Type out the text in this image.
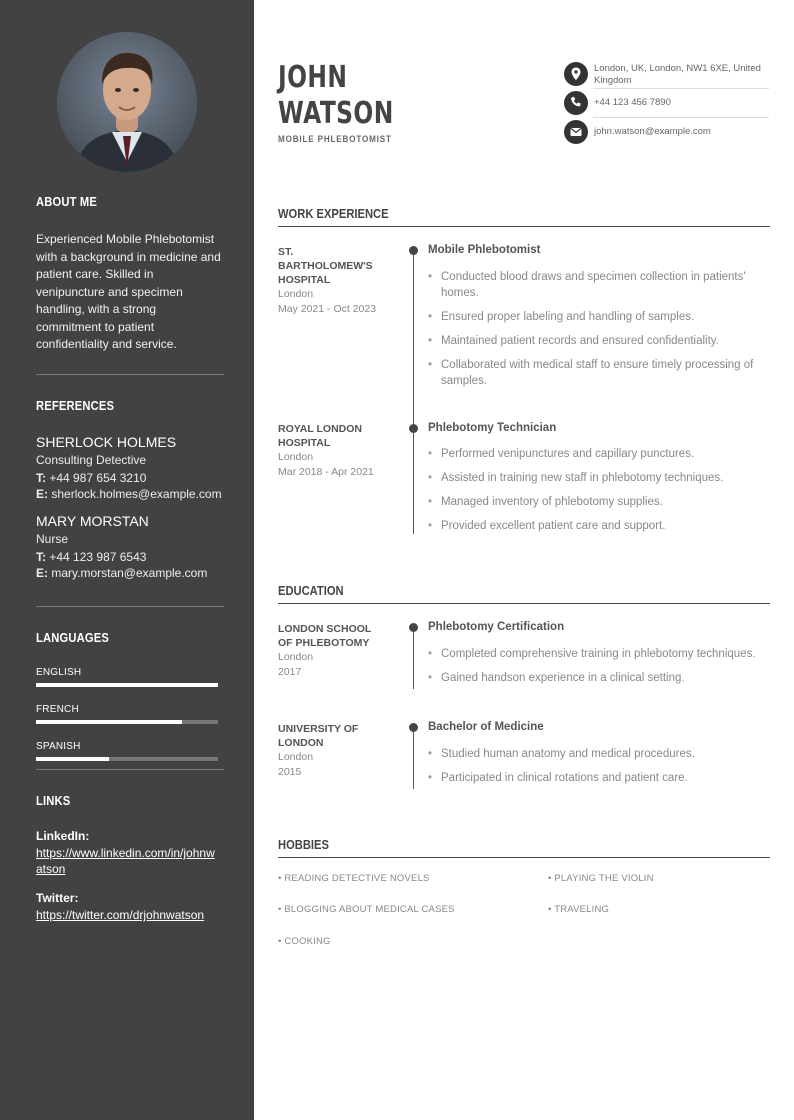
ABOUT ME
Experienced Mobile Phlebotomist with a background in medicine and patient care. Skilled in venipuncture and specimen handling, with a strong commitment to patient confidentiality and service.
REFERENCES
SHERLOCK HOLMES
Consulting Detective
T: +44 987 654 3210
E: sherlock.holmes@example.com
MARY MORSTAN
Nurse
T: +44 123 987 6543
E: mary.morstan@example.com
LANGUAGES
ENGLISH
FRENCH
SPANISH
LINKS
LinkedIn:
https://www.linkedin.com/in/johnwatson
Twitter:
https://twitter.com/drjohnwatson
JOHN
WATSON
MOBILE PHLEBOTOMIST
London, UK, London, NW1 6XE, United Kingdom
+44 123 456 7890
john.watson@example.com
WORK EXPERIENCE
ST. BARTHOLOMEW'S HOSPITAL
London
May 2021 - Oct 2023
Mobile Phlebotomist
• Conducted blood draws and specimen collection in patients' homes.
• Ensured proper labeling and handling of samples.
• Maintained patient records and ensured confidentiality.
• Collaborated with medical staff to ensure timely processing of samples.
ROYAL LONDON HOSPITAL
London
Mar 2018 - Apr 2021
Phlebotomy Technician
• Performed venipunctures and capillary punctures.
• Assisted in training new staff in phlebotomy techniques.
• Managed inventory of phlebotomy supplies.
• Provided excellent patient care and support.
EDUCATION
LONDON SCHOOL OF PHLEBOTOMY
London
2017
Phlebotomy Certification
• Completed comprehensive training in phlebotomy techniques.
• Gained handson experience in a clinical setting.
UNIVERSITY OF LONDON
London
2015
Bachelor of Medicine
• Studied human anatomy and medical procedures.
• Participated in clinical rotations and patient care.
HOBBIES
• READING DETECTIVE NOVELS	• PLAYING THE VIOLIN
• BLOGGING ABOUT MEDICAL CASES	• TRAVELING
• COOKING
